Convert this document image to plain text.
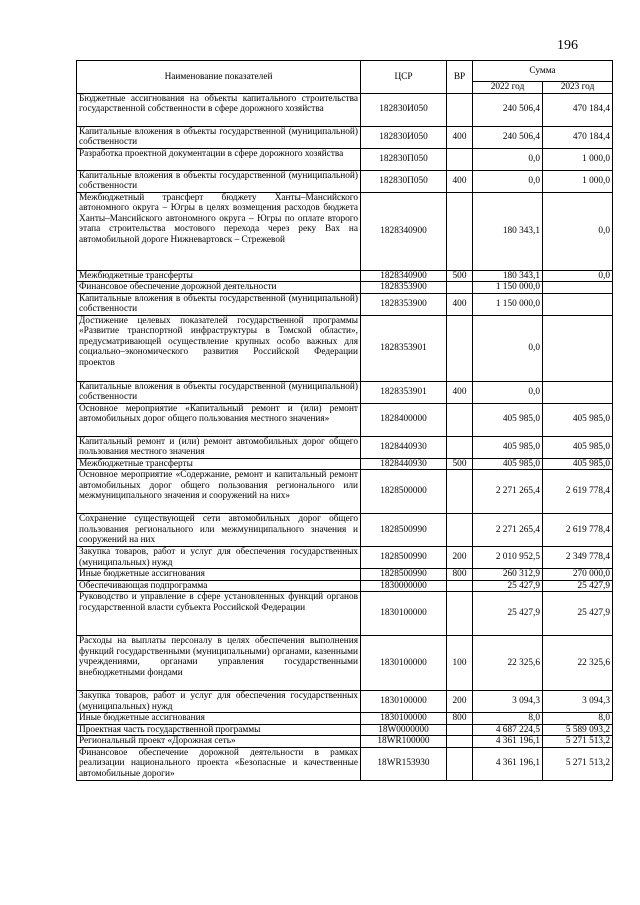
196
Наименование показателей	ЦСР	ВР	Сумма	
			2022 год	2023 год
Бюджетные ассигнования на объекты капитального строительства государственной собственности в сфере дорожного хозяйства	182830И050		240 506,4	470 184,4
Капитальные вложения в объекты государственной (муниципальной) собственности	182830И050	400	240 506,4	470 184,4
Разработка проектной документации в сфере дорожного хозяйства	182830П050		0,0	1 000,0
Капитальные вложения в объекты государственной (муниципальной) собственности	182830П050	400	0,0	1 000,0
Межбюджетный трансферт бюджету Ханты–Мансийского автономного округа – Югры в целях возмещения расходов бюджета Ханты–Мансийского автономного округа – Югры по оплате второго этапа строительства мостового перехода через реку Вах на автомобильной дороге Нижневартовск – Стрежевой	1828340900		180 343,1	0,0
Межбюджетные трансферты	1828340900	500	180 343,1	0,0
Финансовое обеспечение дорожной деятельности	1828353900		1 150 000,0	
Капитальные вложения в объекты государственной (муниципальной) собственности	1828353900	400	1 150 000,0	
Достижение целевых показателей государственной программы «Развитие транспортной инфраструктуры в Томской области», предусматривающей осуществление крупных особо важных для социально–экономического развития Российской Федерации проектов	1828353901		0,0	
Капитальные вложения в объекты государственной (муниципальной) собственности	1828353901	400	0,0	
Основное мероприятие «Капитальный ремонт и (или) ремонт автомобильных дорог общего пользования местного значения»	1828400000		405 985,0	405 985,0
Капитальный ремонт и (или) ремонт автомобильных дорог общего пользования местного значения	1828440930		405 985,0	405 985,0
Межбюджетные трансферты	1828440930	500	405 985,0	405 985,0
Основное мероприятие «Содержание, ремонт и капитальный ремонт автомобильных дорог общего пользования регионального или межмуниципального значения и сооружений на них»	1828500000		2 271 265,4	2 619 778,4
Сохранение существующей сети автомобильных дорог общего пользования регионального или межмуниципального значения и сооружений на них	1828500990		2 271 265,4	2 619 778,4
Закупка товаров, работ и услуг для обеспечения государственных (муниципальных) нужд	1828500990	200	2 010 952,5	2 349 778,4
Иные бюджетные ассигнования	1828500990	800	260 312,9	270 000,0
Обеспечивающая подпрограмма	1830000000		25 427,9	25 427,9
Руководство и управление в сфере установленных функций органов государственной власти субъекта Российской Федерации	1830100000		25 427,9	25 427,9
Расходы на выплаты персоналу в целях обеспечения выполнения функций государственными (муниципальными) органами, казенными учреждениями, органами управления государственными внебюджетными фондами	1830100000	100	22 325,6	22 325,6
Закупка товаров, работ и услуг для обеспечения государственных (муниципальных) нужд	1830100000	200	3 094,3	3 094,3
Иные бюджетные ассигнования	1830100000	800	8,0	8,0
Проектная часть государственной программы	18W0000000		4 687 224,5	5 589 093,2
Региональный проект «Дорожная сеть»	18WR100000		4 361 196,1	5 271 513,2
Финансовое обеспечение дорожной деятельности в рамках реализации национального проекта «Безопасные и качественные автомобильные дороги»	18WR153930		4 361 196,1	5 271 513,2
